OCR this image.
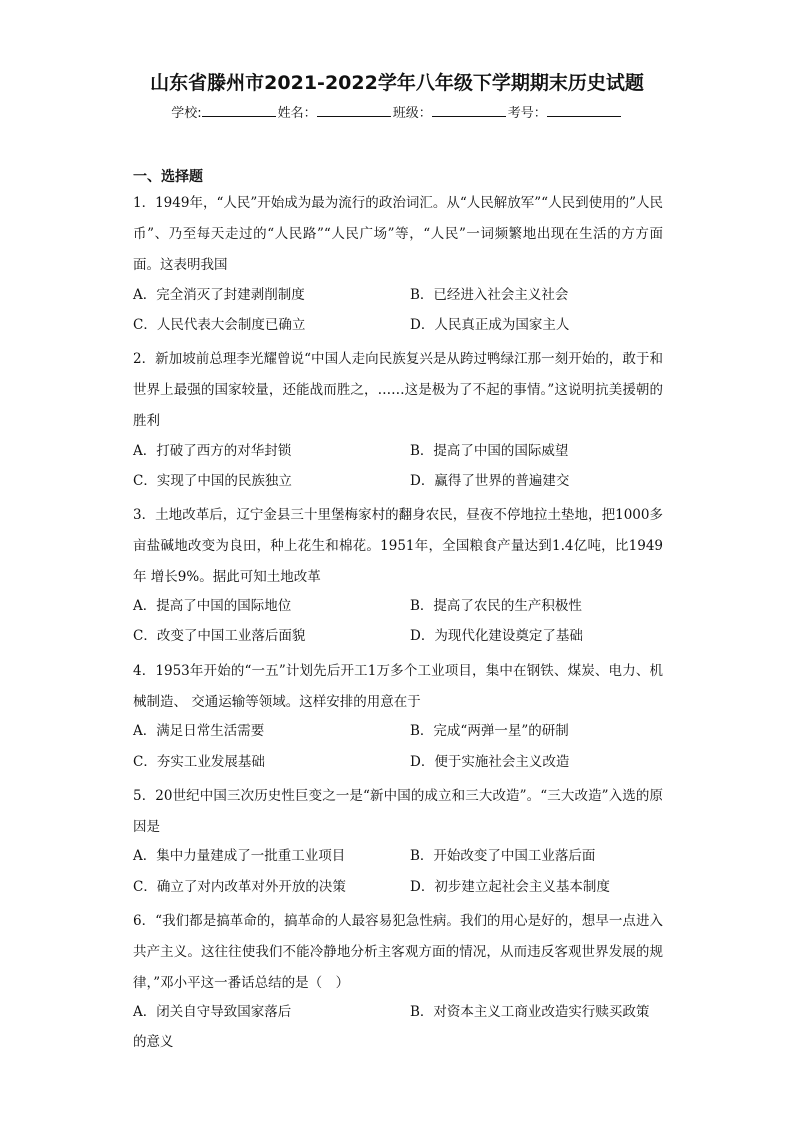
山东省滕州市2021-2022学年八年级下学期期末历史试题
学校:	姓名：	班级：	考号：
一、选择题
1．1949年，“人民”开始成为最为流行的政治词汇。从“人民解放军”“人民到使用的”人民币”、乃至每天走过的“人民路”“人民广场”等，“人民”一词频繁地出现在生活的方方面面。这表明我国
A．完全消灭了封建剥削制度	B．已经进入社会主义社会
C．人民代表大会制度已确立	D．人民真正成为国家主人
2．新加坡前总理李光耀曾说“中国人走向民族复兴是从跨过鸭绿江那一刻开始的，敢于和世界上最强的国家较量，还能战而胜之，……这是极为了不起的事情。”这说明抗美援朝的胜利
A．打破了西方的对华封锁	B．提高了中国的国际威望
C．实现了中国的民族独立	D．赢得了世界的普遍建交
3．土地改革后，辽宁金县三十里堡梅家村的翻身农民，昼夜不停地拉土垫地，把1000多亩盐碱地改变为良田，种上花生和棉花。1951年，全国粮食产量达到1.4亿吨，比1949年 增长9%。据此可知土地改革
A．提高了中国的国际地位	B．提高了农民的生产积极性
C．改变了中国工业落后面貌	D．为现代化建设奠定了基础
4．1953年开始的“一五”计划先后开工1万多个工业项目，集中在钢铁、煤炭、电力、机械制造、 交通运输等领域。这样安排的用意在于
A．满足日常生活需要	B．完成“两弹一星”的研制
C．夯实工业发展基础	D．便于实施社会主义改造
5．20世纪中国三次历史性巨变之一是“新中国的成立和三大改造”。“三大改造”入选的原因是
A．集中力量建成了一批重工业项目	B．开始改变了中国工业落后面
C．确立了对内改革对外开放的决策	D．初步建立起社会主义基本制度
6．“我们都是搞革命的，搞革命的人最容易犯急性病。我们的用心是好的，想早一点进入共产主义。这往往使我们不能冷静地分析主客观方面的情况，从而违反客观世界发展的规律，”邓小平这一番话总结的是（　）
A．闭关自守导致国家落后	B．对资本主义工商业改造实行赎买政策
的意义
